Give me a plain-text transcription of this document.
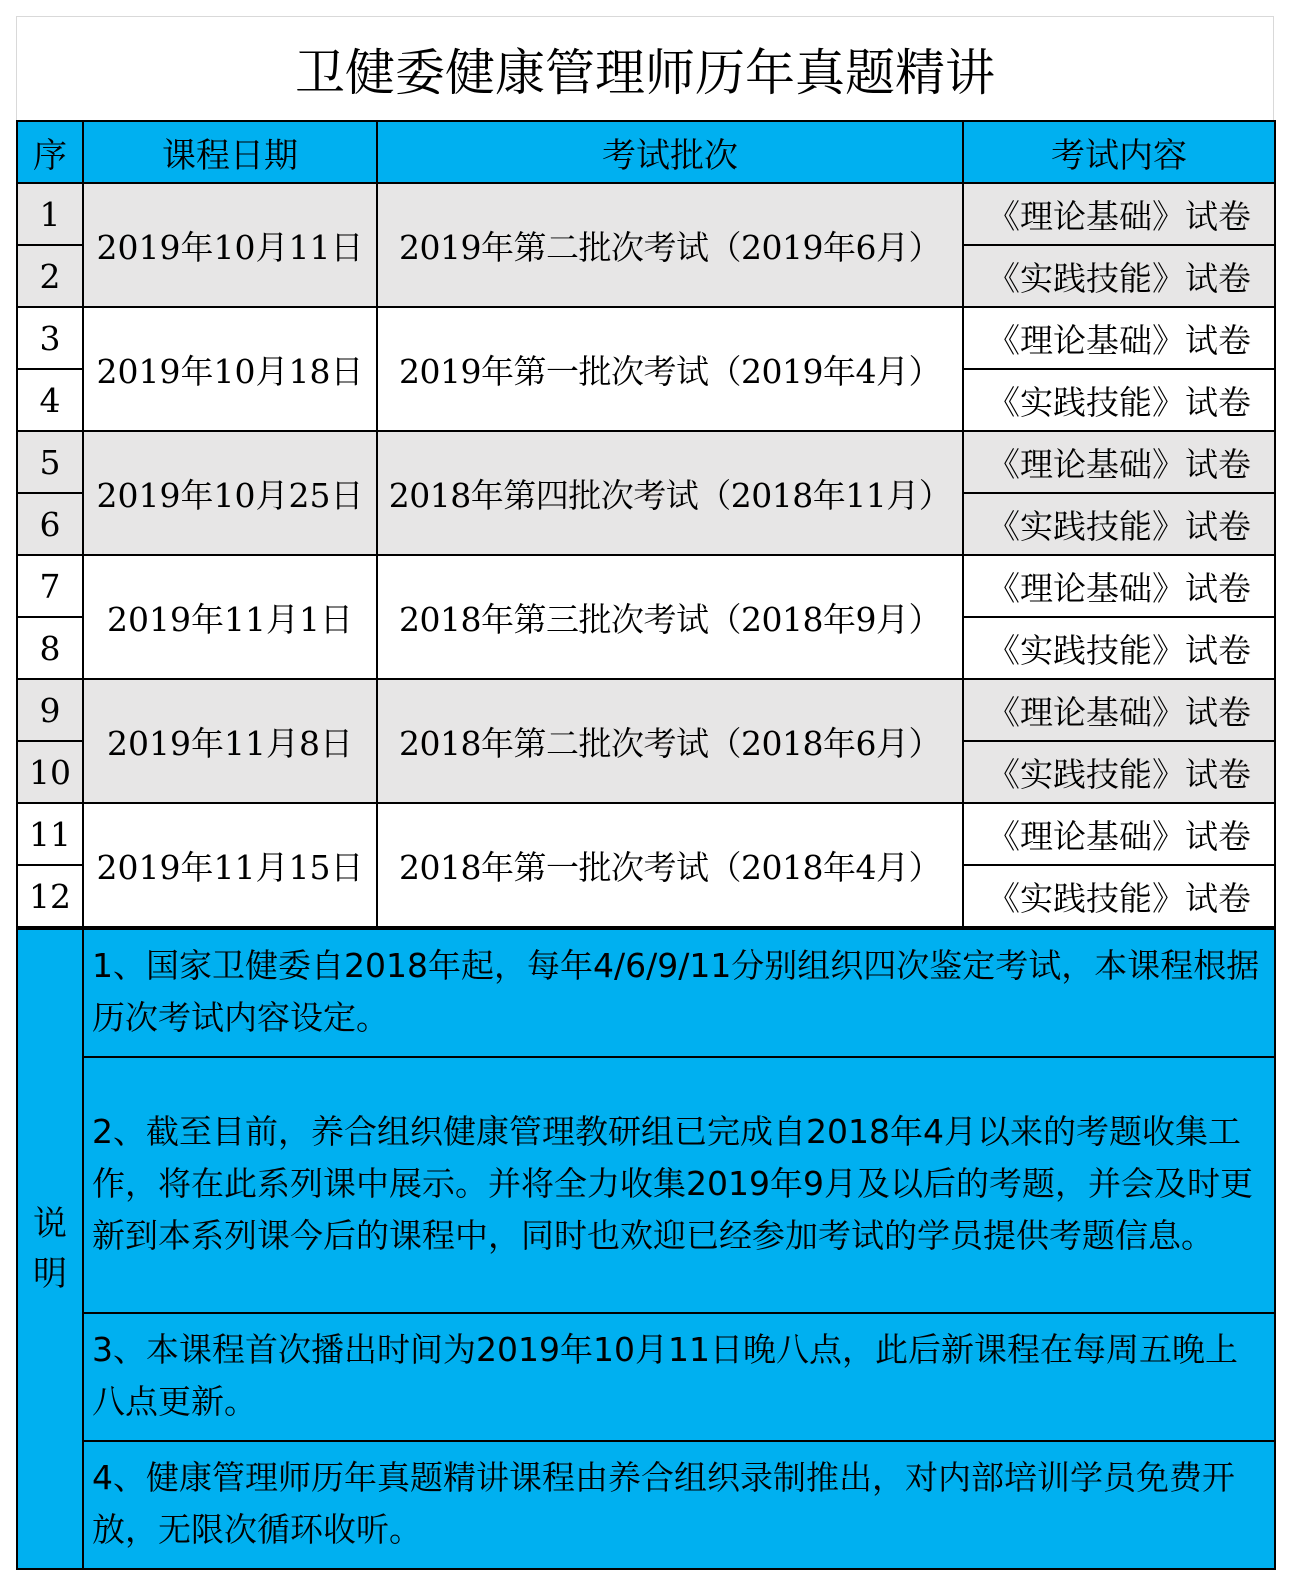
卫健委健康管理师历年真题精讲
序	课程日期	考试批次	考试内容
1	2019年10月11日	2019年第二批次考试（2019年6月）	《理论基础》试卷
2			《实践技能》试卷
3	2019年10月18日	2019年第一批次考试（2019年4月）	《理论基础》试卷
4			《实践技能》试卷
5	2019年10月25日	2018年第四批次考试（2018年11月）	《理论基础》试卷
6			《实践技能》试卷
7	2019年11月1日	2018年第三批次考试（2018年9月）	《理论基础》试卷
8			《实践技能》试卷
9	2019年11月8日	2018年第二批次考试（2018年6月）	《理论基础》试卷
10			《实践技能》试卷
11	2019年11月15日	2018年第一批次考试（2018年4月）	《理论基础》试卷
12			《实践技能》试卷
说明	1、国家卫健委自2018年起，每年4/6/9/11分别组织四次鉴定考试，本课程根据历次考试内容设定。
2、截至目前，养合组织健康管理教研组已完成自2018年4月以来的考题收集工作，将在此系列课中展示。并将全力收集2019年9月及以后的考题，并会及时更新到本系列课今后的课程中，同时也欢迎已经参加考试的学员提供考题信息。
3、本课程首次播出时间为2019年10月11日晚八点，此后新课程在每周五晚上八点更新。
4、健康管理师历年真题精讲课程由养合组织录制推出，对内部培训学员免费开放，无限次循环收听。
